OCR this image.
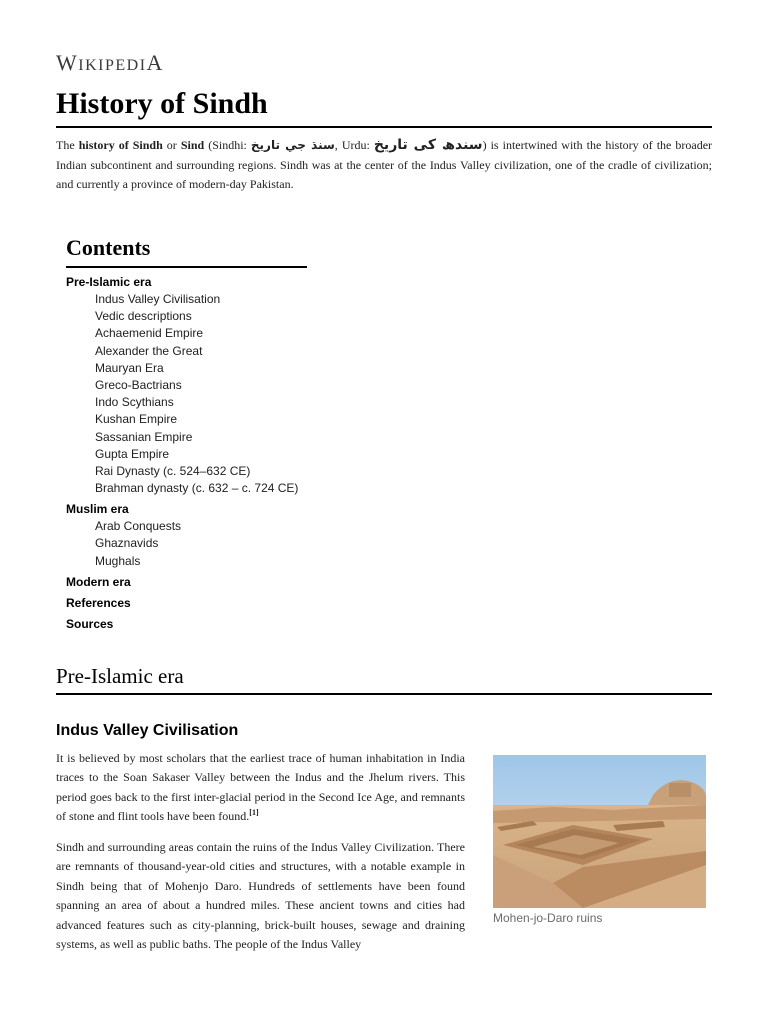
WIKIPEDIA
History of Sindh

The history of Sindh or Sind (Sindhi: سنڌ جي تاريخ, Urdu: سندھ کی تاریخ) is intertwined with the history of the broader Indian subcontinent and surrounding regions. Sindh was at the center of the Indus Valley civilization, one of the cradle of civilization; and currently a province of modern-day Pakistan.

Contents
Pre-Islamic era
Indus Valley Civilisation
Vedic descriptions
Achaemenid Empire
Alexander the Great
Mauryan Era
Greco-Bactrians
Indo Scythians
Kushan Empire
Sassanian Empire
Gupta Empire
Rai Dynasty (c. 524–632 CE)
Brahman dynasty (c. 632 – c. 724 CE)
Muslim era
Arab Conquests
Ghaznavids
Mughals
Modern era
References
Sources
Pre-Islamic era
Indus Valley Civilisation

It is believed by most scholars that the earliest trace of human inhabitation in India traces to the Soan Sakaser Valley between the Indus and the Jhelum rivers. This period goes back to the first inter-glacial period in the Second Ice Age, and remnants of stone and flint tools have been found.[1]

Sindh and surrounding areas contain the ruins of the Indus Valley Civilization. There are remnants of thousand-year-old cities and structures, with a notable example in Sindh being that of Mohenjo Daro. Hundreds of settlements have been found spanning an area of about a hundred miles. These ancient towns and cities had advanced features such as city-planning, brick-built houses, sewage and draining systems, as well as public baths. The people of the Indus Valley

Mohen-jo-Daro ruins
